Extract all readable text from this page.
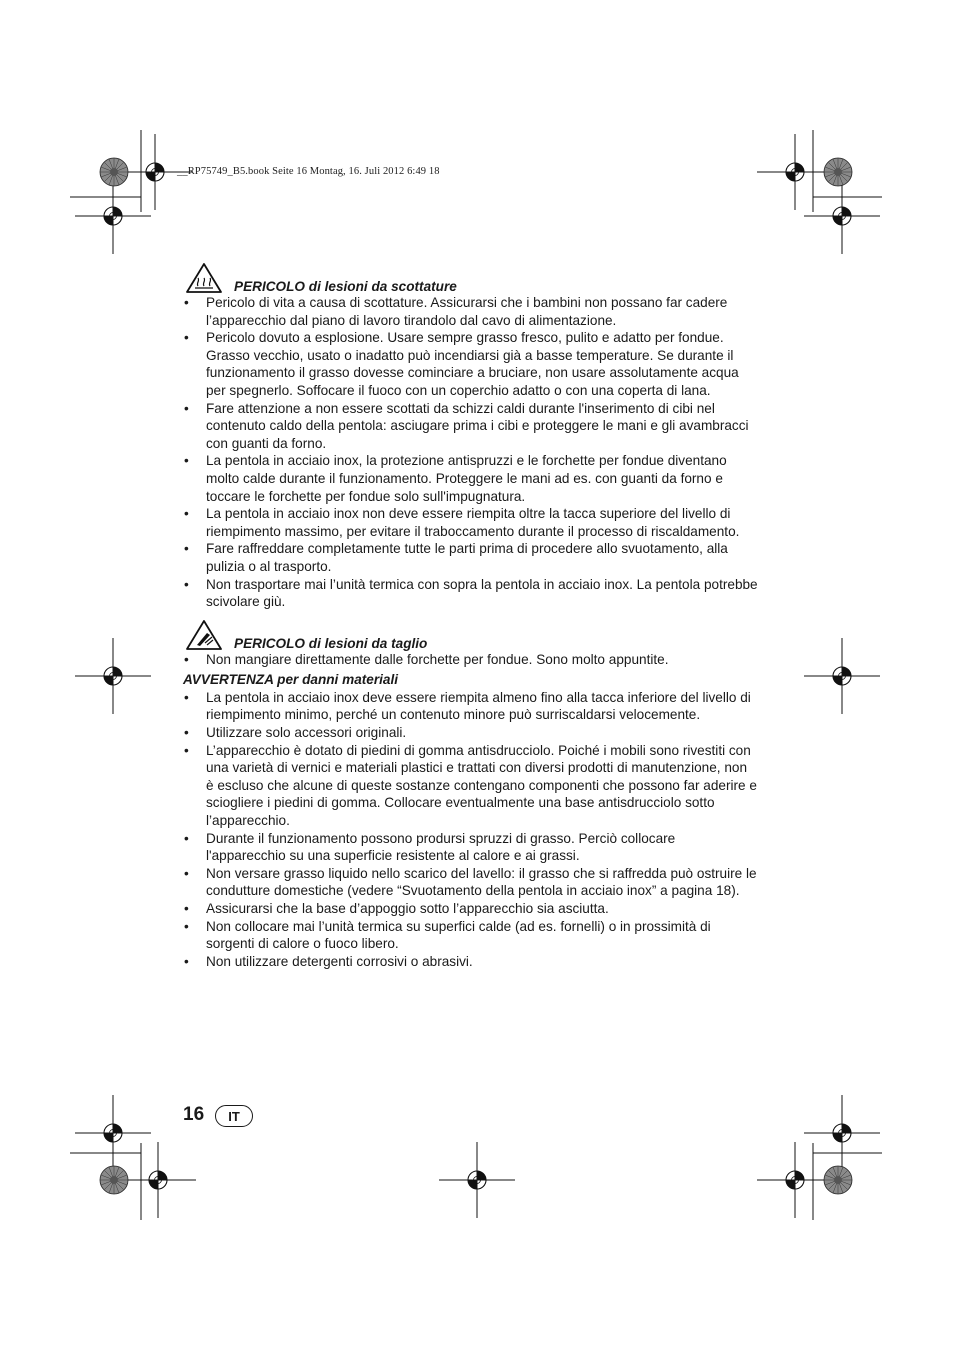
__RP75749_B5.book Seite 16 Montag, 16. Juli 2012 6:49 18
PERICOLO di lesioni da scottature
• Pericolo di vita a causa di scottature. Assicurarsi che i bambini non possano far cadere l’apparecchio dal piano di lavoro tirandolo dal cavo di alimentazione.
• Pericolo dovuto a esplosione. Usare sempre grasso fresco, pulito e adatto per fondue. Grasso vecchio, usato o inadatto può incendiarsi già a basse temperature. Se durante il funzionamento il grasso dovesse cominciare a bruciare, non usare assolutamente acqua per spegnerlo. Soffocare il fuoco con un coperchio adatto o con una coperta di lana.
• Fare attenzione a non essere scottati da schizzi caldi durante l'inserimento di cibi nel contenuto caldo della pentola: asciugare prima i cibi e proteggere le mani e gli avambracci con guanti da forno.
• La pentola in acciaio inox, la protezione antispruzzi e le forchette per fondue diventano molto calde durante il funzionamento. Proteggere le mani ad es. con guanti da forno e toccare le forchette per fondue solo sull'impugnatura.
• La pentola in acciaio inox non deve essere riempita oltre la tacca superiore del livello di riempimento massimo, per evitare il traboccamento durante il processo di riscaldamento.
• Fare raffreddare completamente tutte le parti prima di procedere allo svuotamento, alla pulizia o al trasporto.
• Non trasportare mai l’unità termica con sopra la pentola in acciaio inox. La pentola potrebbe scivolare giù.
PERICOLO di lesioni da taglio
• Non mangiare direttamente dalle forchette per fondue. Sono molto appuntite.
AVVERTENZA per danni materiali
• La pentola in acciaio inox deve essere riempita almeno fino alla tacca inferiore del livello di riempimento minimo, perché un contenuto minore può surriscaldarsi velocemente.
• Utilizzare solo accessori originali.
• L’apparecchio è dotato di piedini di gomma antisdrucciolo. Poiché i mobili sono rivestiti con una varietà di vernici e materiali plastici e trattati con diversi prodotti di manutenzione, non è escluso che alcune di queste sostanze contengano componenti che possono far aderire e sciogliere i piedini di gomma. Collocare eventualmente una base antisdrucciolo sotto l’apparecchio.
• Durante il funzionamento possono prodursi spruzzi di grasso. Perciò collocare l'apparecchio su una superficie resistente al calore e ai grassi.
• Non versare grasso liquido nello scarico del lavello: il grasso che si raffredda può ostruire le condutture domestiche (vedere “Svuotamento della pentola in acciaio inox” a pagina 18).
• Assicurarsi che la base d’appoggio sotto l’apparecchio sia asciutta.
• Non collocare mai l’unità termica su superfici calde (ad es. fornelli) o in prossimità di sorgenti di calore o fuoco libero.
• Non utilizzare detergenti corrosivi o abrasivi.
16	IT
